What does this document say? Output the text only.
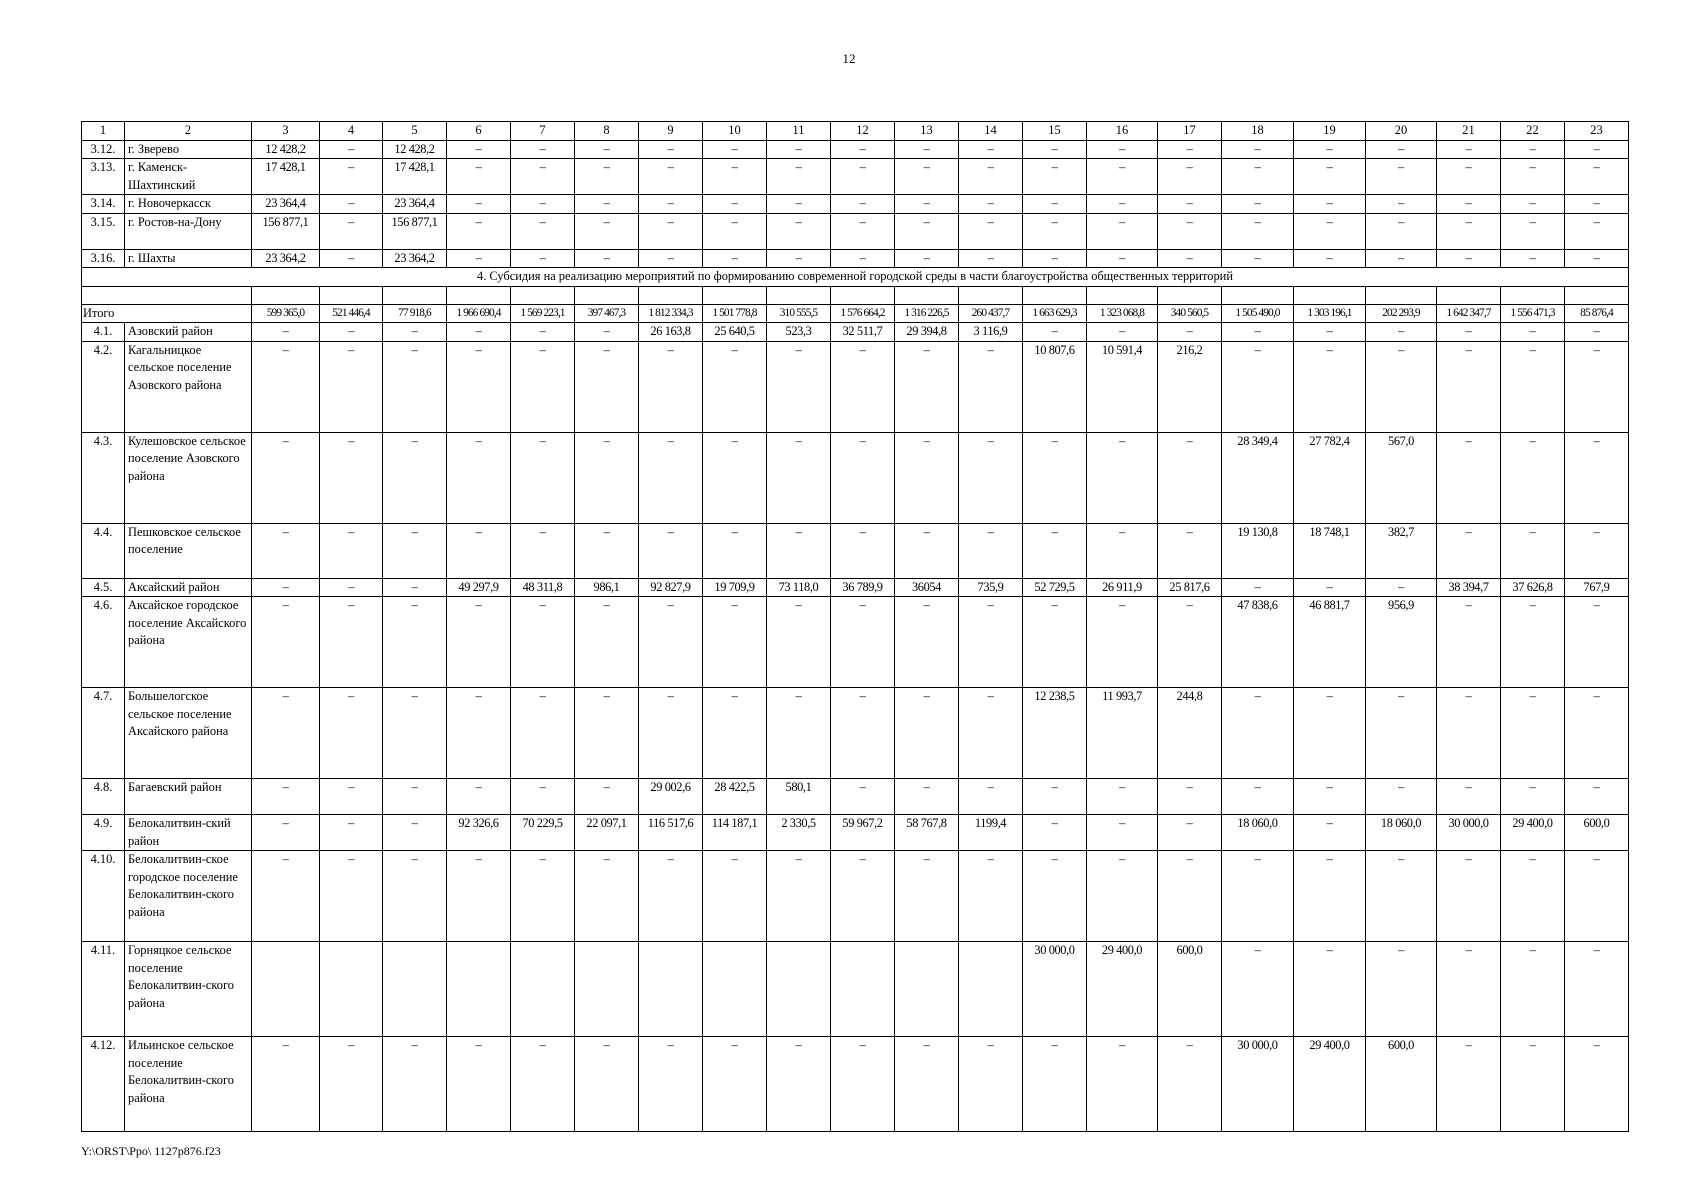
12
1	2	3	4	5	6	7	8	9	10	11	12	13	14	15	16	17	18	19	20	21	22	23
3.12.	г. Зверево	12 428,2	–	12 428,2	–	–	–	–	–	–	–	–	–	–	–	–	–	–	–	–	–	–
3.13.	г. Каменск-Шахтинский	17 428,1	–	17 428,1	–	–	–	–	–	–	–	–	–	–	–	–	–	–	–	–	–	–
3.14.	г. Новочеркасск	23 364,4	–	23 364,4	–	–	–	–	–	–	–	–	–	–	–	–	–	–	–	–	–	–
3.15.	г. Ростов-на-Дону	156 877,1	–	156 877,1	–	–	–	–	–	–	–	–	–	–	–	–	–	–	–	–	–	–
3.16.	г. Шахты	23 364,2	–	23 364,2	–	–	–	–	–	–	–	–	–	–	–	–	–	–	–	–	–	–
4. Субсидия на реализацию мероприятий по формированию современной городской среды в части благоустройства общественных территорий																						

Итого		599 365,0	521 446,4	77 918,6	1 966 690,4	1 569 223,1	397 467,3	1 812 334,3	1 501 778,8	310 555,5	1 576 664,2	1 316 226,5	260 437,7	1 663 629,3	1 323 068,8	340 560,5	1 505 490,0	1 303 196,1	202 293,9	1 642 347,7	1 556 471,3	85 876,4
4.1.	Азовский район	–	–	–	–	–	–	26 163,8	25 640,5	523,3	32 511,7	29 394,8	3 116,9	–	–	–	–	–	–	–	–	–
4.2.	Кагальницкое сельское поселение Азовского района	–	–	–	–	–	–	–	–	–	–	–	–	10 807,6	10 591,4	216,2	–	–	–	–	–	–
4.3.	Кулешовское сельское поселение Азовского района	–	–	–	–	–	–	–	–	–	–	–	–	–	–	–	28 349,4	27 782,4	567,0	–	–	–
4.4.	Пешковское сельское поселение	–	–	–	–	–	–	–	–	–	–	–	–	–	–	–	19 130,8	18 748,1	382,7	–	–	–
4.5.	Аксайский район	–	–	–	49 297,9	48 311,8	986,1	92 827,9	19 709,9	73 118,0	36 789,9	36054	735,9	52 729,5	26 911,9	25 817,6	–	–	–	38 394,7	37 626,8	767,9
4.6.	Аксайское городское поселение Аксайского района	–	–	–	–	–	–	–	–	–	–	–	–	–	–	–	47 838,6	46 881,7	956,9	–	–	–
4.7.	Большелогское сельское поселение Аксайского района	–	–	–	–	–	–	–	–	–	–	–	–	12 238,5	11 993,7	244,8	–	–	–	–	–	–
4.8.	Багаевский район	–	–	–	–	–	–	29 002,6	28 422,5	580,1	–	–	–	–	–	–	–	–	–	–	–	–
4.9.	Белокалитвин-ский район	–	–	–	92 326,6	70 229,5	22 097,1	116 517,6	114 187,1	2 330,5	59 967,2	58 767,8	1199,4	–	–	–	18 060,0	–	18 060,0	30 000,0	29 400,0	600,0
4.10.	Белокалитвин-ское городское поселение Белокалитвин-ского района	–	–	–	–	–	–	–	–	–	–	–	–	–	–	–	–	–	–	–	–	–
4.11.	Горняцкое сельское поселение Белокалитвин-ского района													30 000,0	29 400,0	600,0	–	–	–	–	–	–
4.12.	Ильинское сельское поселение Белокалитвин-ского района	–	–	–	–	–	–	–	–	–	–	–	–	–	–	–	30 000,0	29 400,0	600,0	–	–	–
Y:\ORST\Ppo\ 1127p876.f23
